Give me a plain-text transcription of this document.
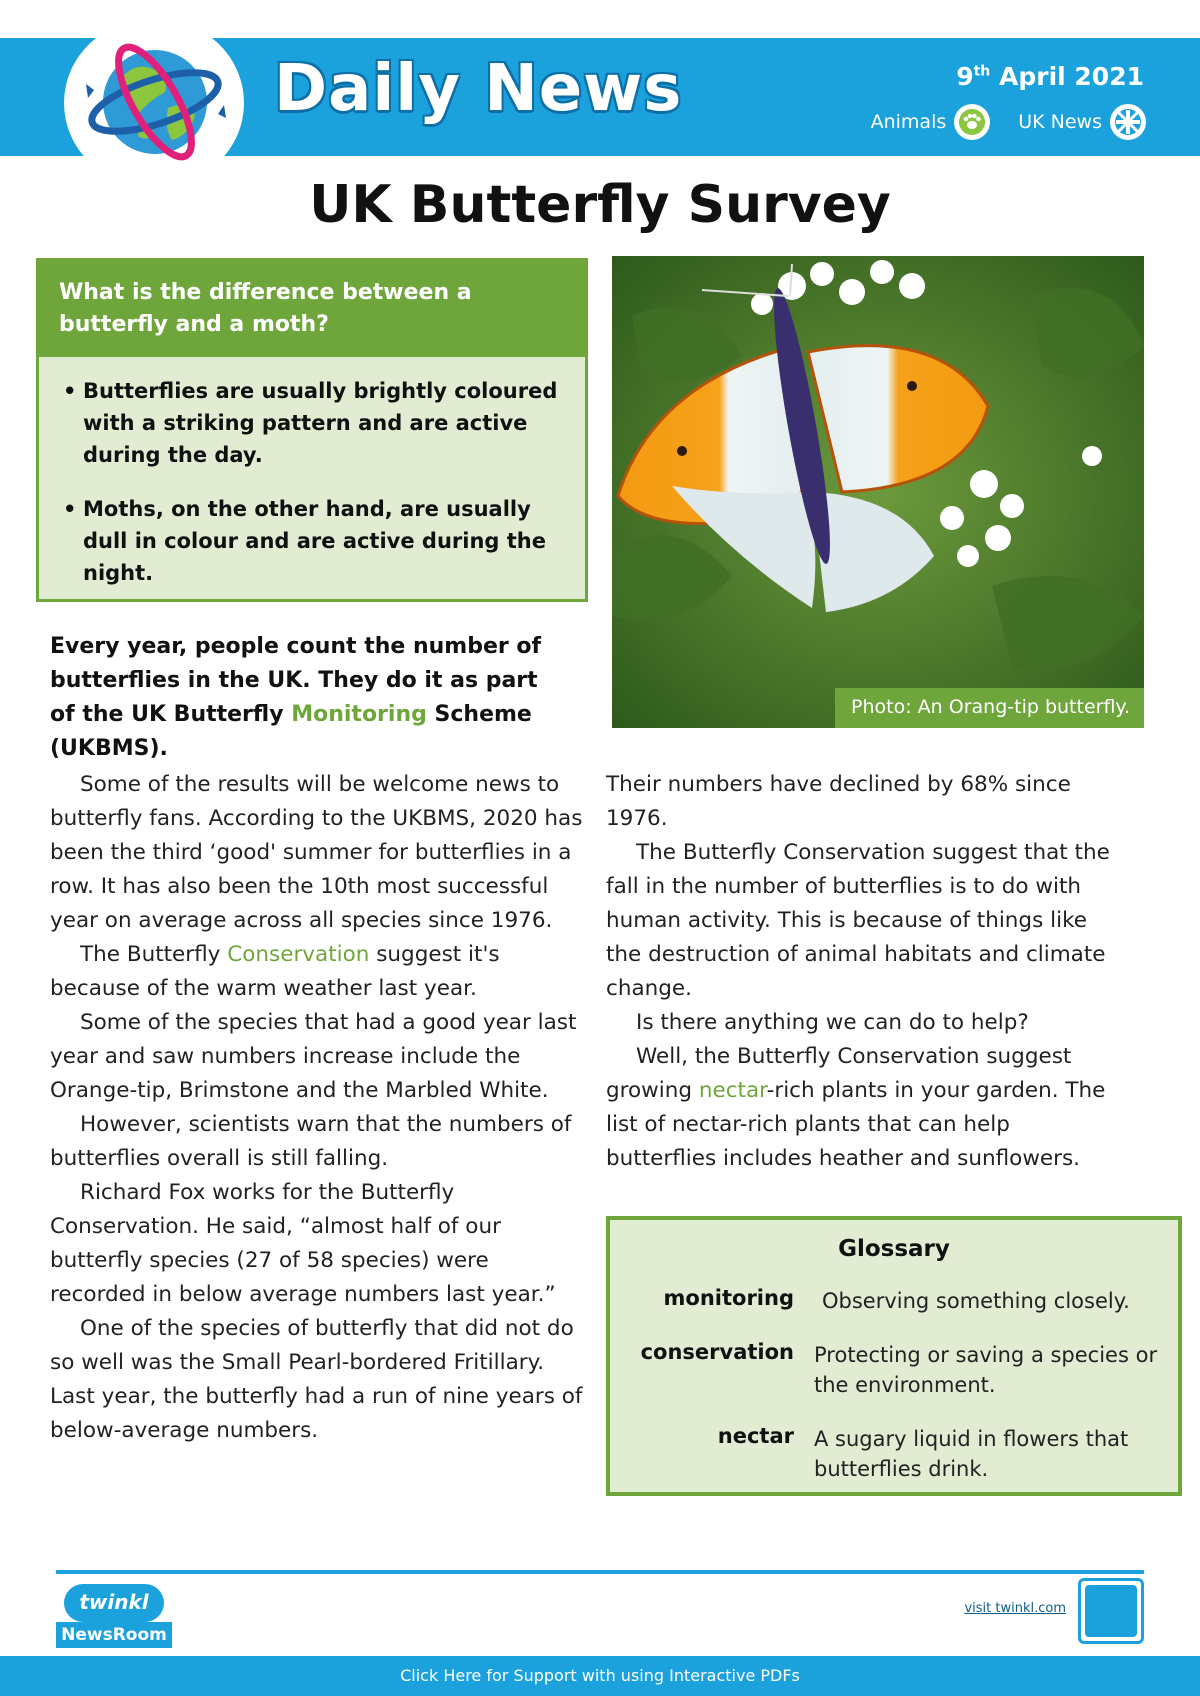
Daily News	9th April 2021
Animals	UK News
UK Butterfly Survey
What is the difference between a butterfly and a moth?
• Butterflies are usually brightly coloured with a striking pattern and are active during the day.
• Moths, on the other hand, are usually dull in colour and are active during the night.
Photo: An Orang-tip butterfly.
Every year, people count the number of butterflies in the UK. They do it as part of the UK Butterfly Monitoring Scheme (UKBMS).

Some of the results will be welcome news to butterfly fans. According to the UKBMS, 2020 has been the third ‘good' summer for butterflies in a row. It has also been the 10th most successful year on average across all species since 1976.

The Butterfly Conservation suggest it's because of the warm weather last year.

Some of the species that had a good year last year and saw numbers increase include the Orange-tip, Brimstone and the Marbled White.

However, scientists warn that the numbers of butterflies overall is still falling.

Richard Fox works for the Butterfly Conservation. He said, “almost half of our butterfly species (27 of 58 species) were recorded in below average numbers last year.”

One of the species of butterfly that did not do so well was the Small Pearl-bordered Fritillary. Last year, the butterfly had a run of nine years of below-average numbers.

Their numbers have declined by 68% since 1976.

The Butterfly Conservation suggest that the fall in the number of butterflies is to do with human activity. This is because of things like the destruction of animal habitats and climate change.

Is there anything we can do to help?

Well, the Butterfly Conservation suggest growing nectar-rich plants in your garden. The list of nectar-rich plants that can help butterflies includes heather and sunflowers.

Glossary
monitoring Observing something closely.
conservation Protecting or saving a species or the environment.
nectar A sugary liquid in flowers that butterflies drink.
twinkl
NewsRoom
visit twinkl.com
Click Here for Support with using Interactive PDFs
